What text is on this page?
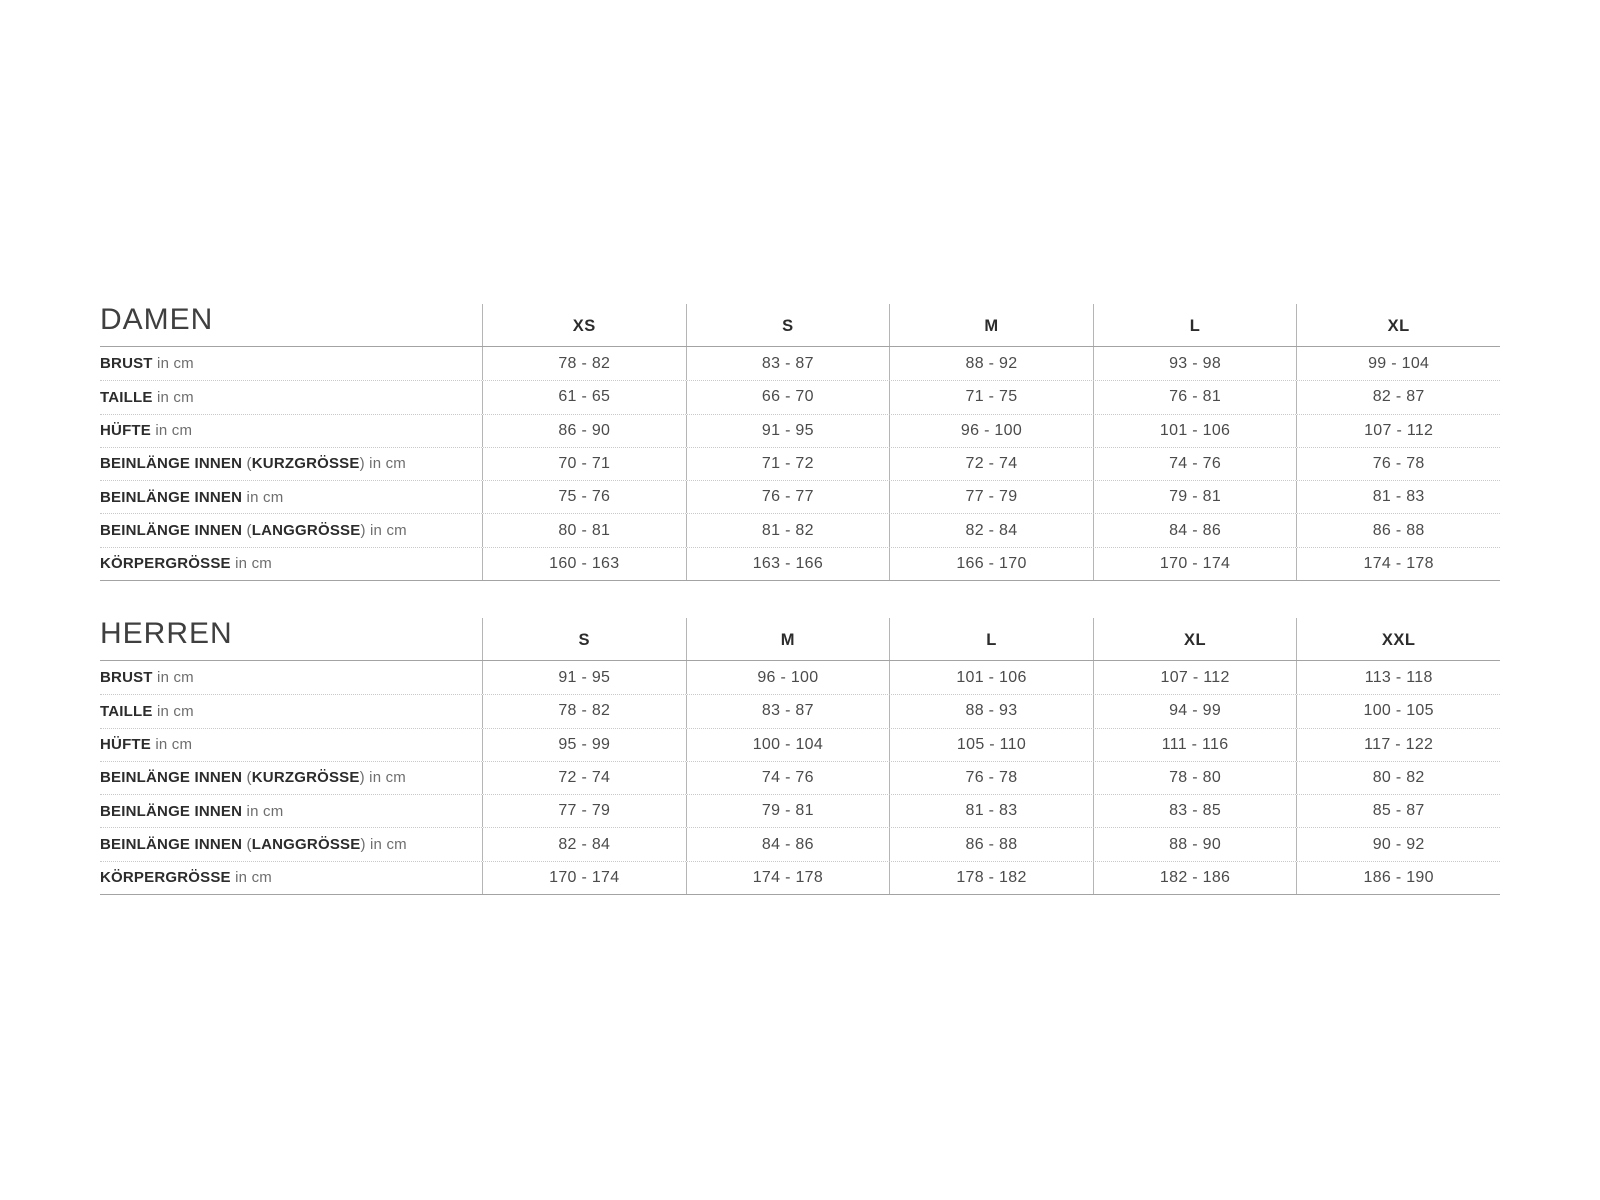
DAMEN	XS	S	M	L	XL
BRUST in cm	78 - 82	83 - 87	88 - 92	93 - 98	99 - 104
TAILLE in cm	61 - 65	66 - 70	71 - 75	76 - 81	82 - 87
HÜFTE in cm	86 - 90	91 - 95	96 - 100	101 - 106	107 - 112
BEINLÄNGE INNEN ( KURZGRÖSSE ) in cm	70 - 71	71 - 72	72 - 74	74 - 76	76 - 78
BEINLÄNGE INNEN in cm	75 - 76	76 - 77	77 - 79	79 - 81	81 - 83
BEINLÄNGE INNEN ( LANGGRÖSSE ) in cm	80 - 81	81 - 82	82 - 84	84 - 86	86 - 88
KÖRPERGRÖSSE in cm	160 - 163	163 - 166	166 - 170	170 - 174	174 - 178
HERREN	S	M	L	XL	XXL
BRUST in cm	91 - 95	96 - 100	101 - 106	107 - 112	113 - 118
TAILLE in cm	78 - 82	83 - 87	88 - 93	94 - 99	100 - 105
HÜFTE in cm	95 - 99	100 - 104	105 - 110	111 - 116	117 - 122
BEINLÄNGE INNEN ( KURZGRÖSSE ) in cm	72 - 74	74 - 76	76 - 78	78 - 80	80 - 82
BEINLÄNGE INNEN in cm	77 - 79	79 - 81	81 - 83	83 - 85	85 - 87
BEINLÄNGE INNEN ( LANGGRÖSSE ) in cm	82 - 84	84 - 86	86 - 88	88 - 90	90 - 92
KÖRPERGRÖSSE in cm	170 - 174	174 - 178	178 - 182	182 - 186	186 - 190
